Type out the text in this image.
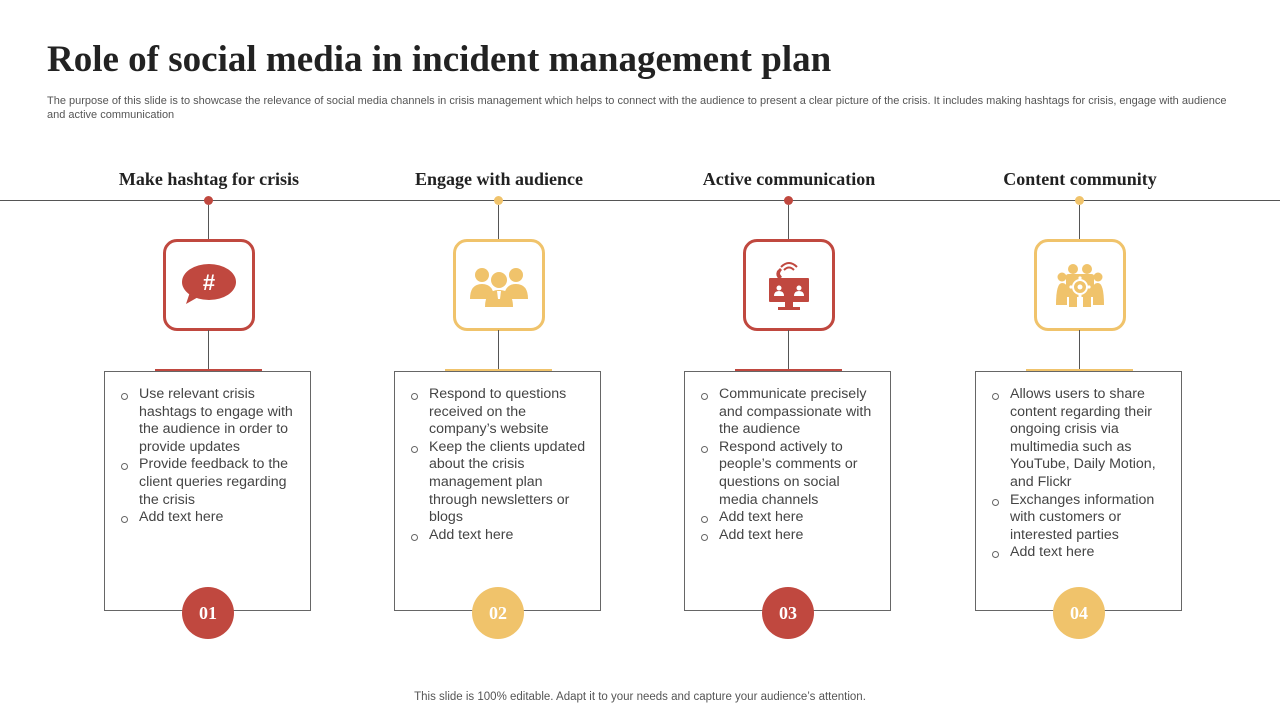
Role of social media in incident management plan

The purpose of this slide is to showcase the relevance of social media channels in crisis management which helps to connect with the audience to present a clear picture of the crisis. It includes making hashtags for crisis, engage with audience and active communication

Make hashtag for crisis
#
Use relevant crisis hashtags to engage with the audience in order to provide updates
Provide feedback to the client queries regarding the crisis
Add text here
01
Engage with audience
Respond to questions received on the company’s website
Keep the clients updated about the crisis management plan through newsletters or blogs
Add text here
02
Active communication
Communicate precisely and compassionate with the audience
Respond actively to people’s comments or questions on social media channels
Add text here
Add text here
03
Content community
Allows users to share content regarding their ongoing crisis via multimedia such as YouTube, Daily Motion, and Flickr
Exchanges information with customers or interested parties
Add text here
04
This slide is 100% editable. Adapt it to your needs and capture your audience’s attention.
